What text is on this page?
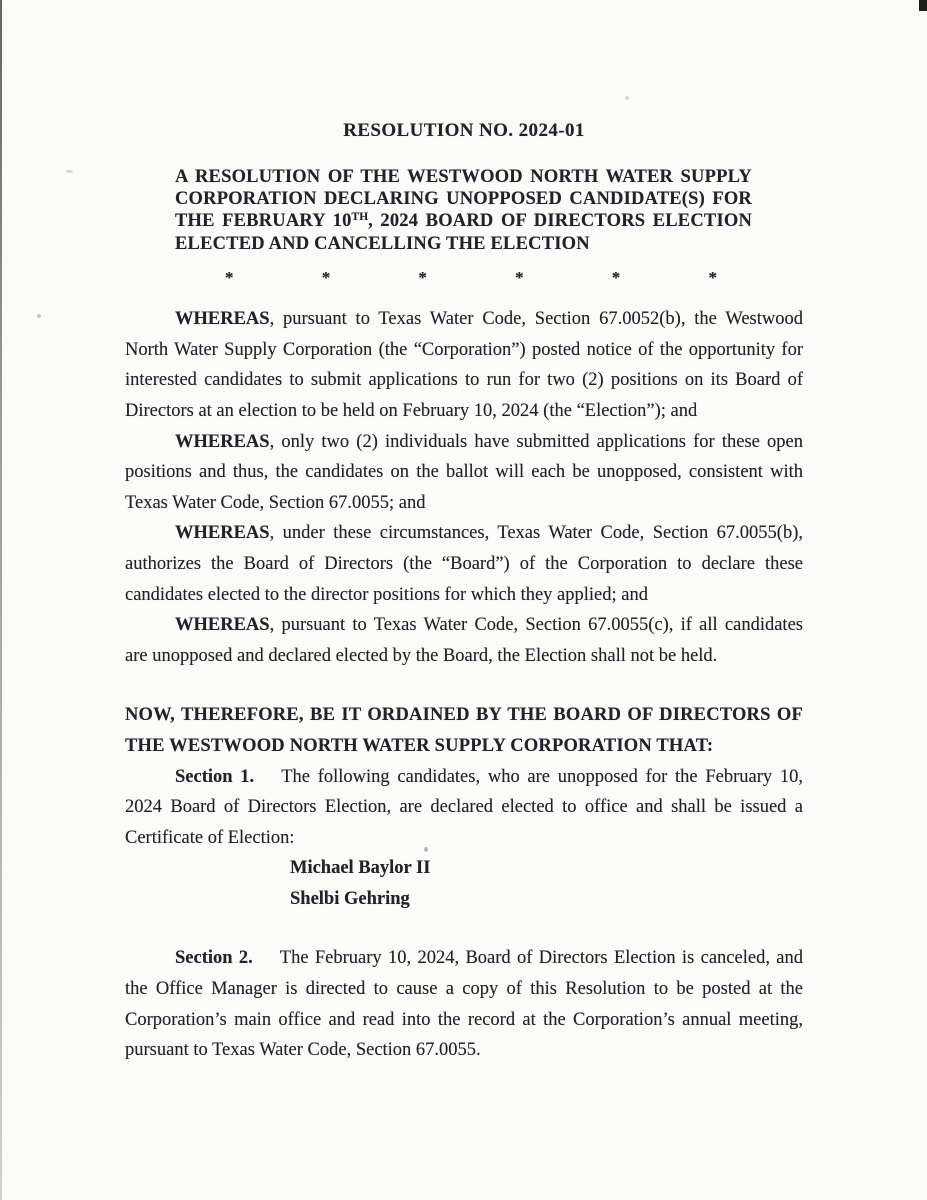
RESOLUTION NO. 2024-01

A RESOLUTION OF THE WESTWOOD NORTH WATER SUPPLY CORPORATION DECLARING UNOPPOSED CANDIDATE(S) FOR THE FEBRUARY 10TH, 2024 BOARD OF DIRECTORS ELECTION ELECTED AND CANCELLING THE ELECTION

*	*	*	*	*	*

WHEREAS, pursuant to Texas Water Code, Section 67.0052(b), the Westwood North Water Supply Corporation (the “Corporation”) posted notice of the opportunity for interested candidates to submit applications to run for two (2) positions on its Board of Directors at an election to be held on February 10, 2024 (the “Election”); and

WHEREAS, only two (2) individuals have submitted applications for these open positions and thus, the candidates on the ballot will each be unopposed, consistent with Texas Water Code, Section 67.0055; and

WHEREAS, under these circumstances, Texas Water Code, Section 67.0055(b), authorizes the Board of Directors (the “Board”) of the Corporation to declare these candidates elected to the director positions for which they applied; and

WHEREAS, pursuant to Texas Water Code, Section 67.0055(c), if all candidates are unopposed and declared elected by the Board, the Election shall not be held.

NOW, THEREFORE, BE IT ORDAINED BY THE BOARD OF DIRECTORS OF THE WESTWOOD NORTH WATER SUPPLY CORPORATION THAT:

Section 1. The following candidates, who are unopposed for the February 10, 2024 Board of Directors Election, are declared elected to office and shall be issued a Certificate of Election:

Michael Baylor II
Shelbi Gehring

Section 2. The February 10, 2024, Board of Directors Election is canceled, and the Office Manager is directed to cause a copy of this Resolution to be posted at the Corporation’s main office and read into the record at the Corporation’s annual meeting, pursuant to Texas Water Code, Section 67.0055.
